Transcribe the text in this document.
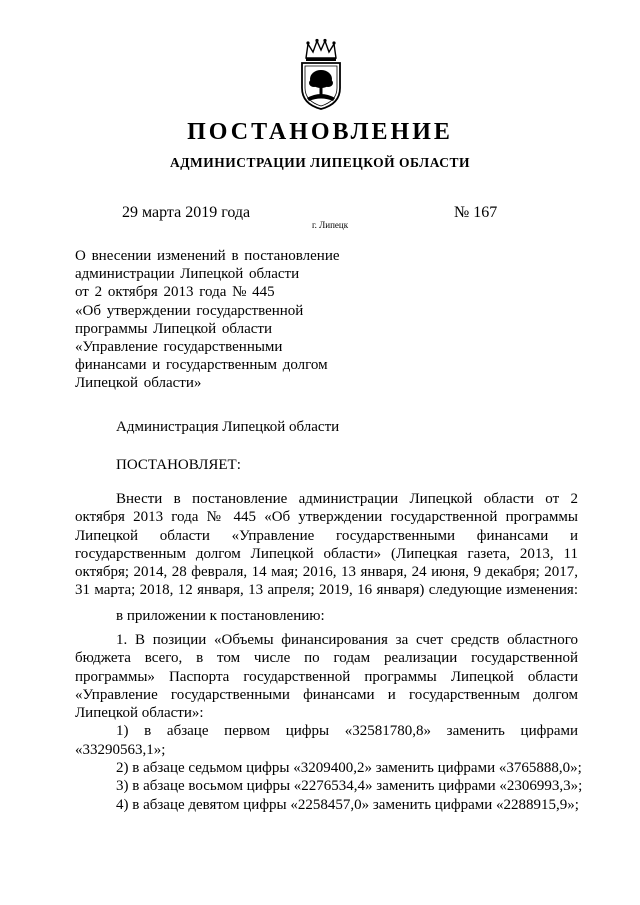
ПОСТАНОВЛЕНИЕ
АДМИНИСТРАЦИИ ЛИПЕЦКОЙ ОБЛАСТИ
29 марта 2019 года
г. Липецк
№ 167
О внесении изменений в постановление
администрации Липецкой области
от 2 октября 2013 года № 445
«Об утверждении государственной
программы Липецкой области
«Управление государственными
финансами и государственным долгом
Липецкой области»
Администрация Липецкой области
ПОСТАНОВЛЯЕТ:
Внести в постановление администрации Липецкой области от 2
октября 2013 года № 445 «Об утверждении государственной программы
Липецкой области «Управление государственными финансами и
государственным долгом Липецкой области» (Липецкая газета, 2013, 11
октября; 2014, 28 февраля, 14 мая; 2016, 13 января, 24 июня, 9 декабря; 2017,
31 марта; 2018, 12 января, 13 апреля; 2019, 16 января) следующие изменения:
в приложении к постановлению:
1. В позиции «Объемы финансирования за счет средств областного
бюджета всего, в том числе по годам реализации государственной
программы» Паспорта государственной программы Липецкой области
«Управление государственными финансами и государственным долгом
Липецкой области»:
1) в абзаце первом цифры «32581780,8» заменить цифрами
«33290563,1»;
2) в абзаце седьмом цифры «3209400,2» заменить цифрами «3765888,0»;
3) в абзаце восьмом цифры «2276534,4» заменить цифрами «2306993,3»;
4) в абзаце девятом цифры «2258457,0» заменить цифрами «2288915,9»;
